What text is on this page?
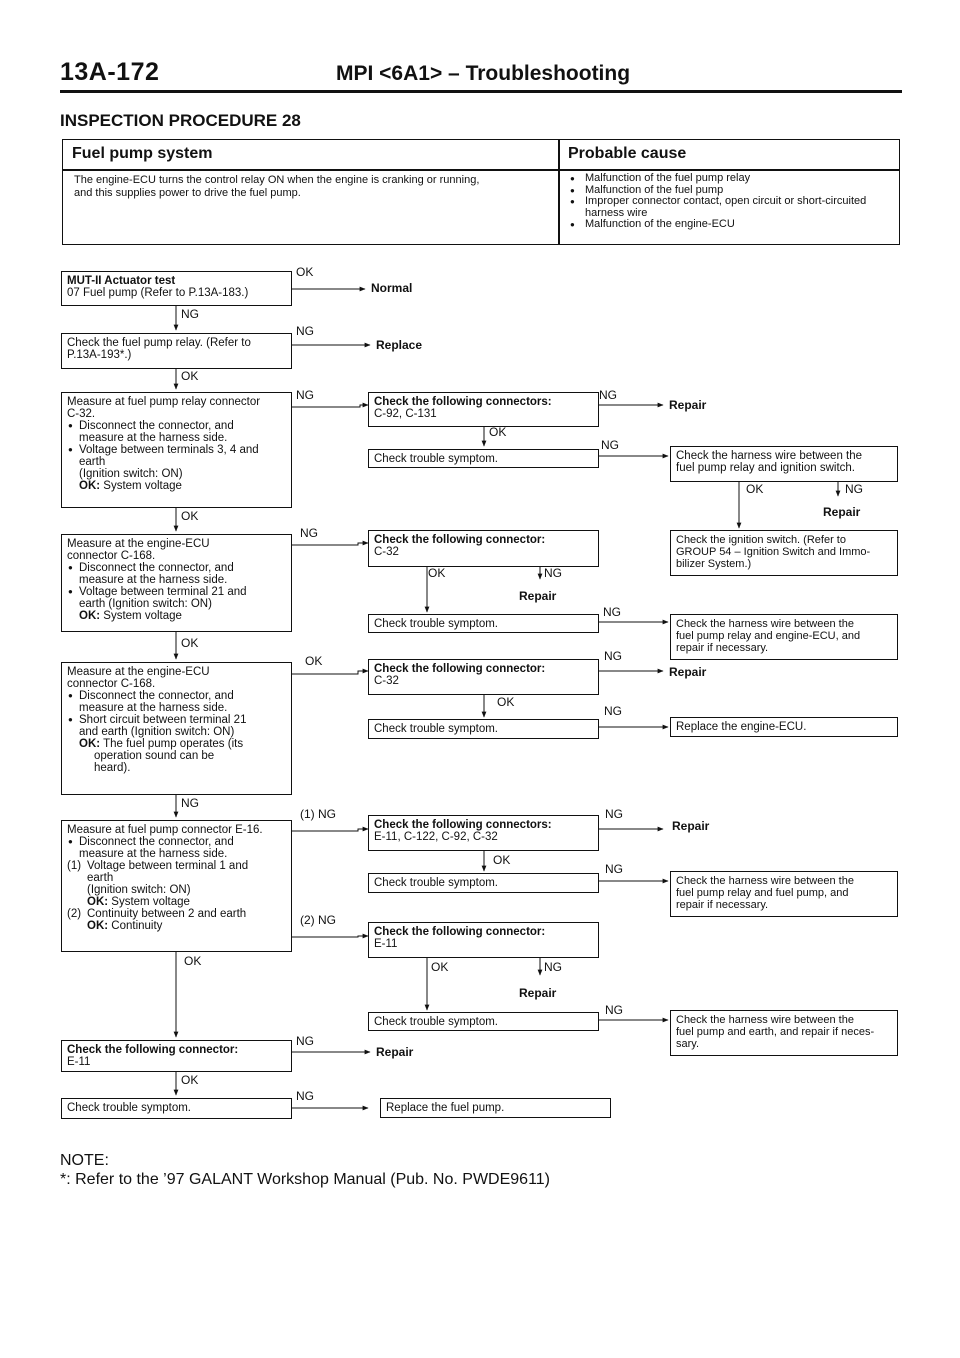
13A-172	MPI <6A1> – Troubleshooting
INSPECTION PROCEDURE 28
Fuel pump system	Probable cause
The engine-ECU turns the control relay ON when the engine is cranking or running,
and this supplies power to drive the fuel pump.
● Malfunction of the fuel pump relay
● Malfunction of the fuel pump
● Improper connector contact, open circuit or short-circuited harness wire
● Malfunction of the engine-ECU
MUT-II Actuator test
07 Fuel pump (Refer to P.13A-183.)
Check the fuel pump relay. (Refer to
P.13A-193*.)
Measure at fuel pump relay connector
C-32.
● Disconnect the connector, and
measure at the harness side.
● Voltage between terminals 3, 4 and
earth
(Ignition switch: ON)
OK: System voltage
Measure at the engine-ECU
connector C-168.
● Disconnect the connector, and
measure at the harness side.
● Voltage between terminal 21 and
earth (Ignition switch: ON)
OK: System voltage
Measure at the engine-ECU
connector C-168.
● Disconnect the connector, and
measure at the harness side.
● Short circuit between terminal 21
and earth (Ignition switch: ON)
OK: The fuel pump operates (its
operation sound can be
heard).
Measure at fuel pump connector E-16.
● Disconnect the connector, and
measure at the harness side.
(1) Voltage between terminal 1 and
earth
(Ignition switch: ON)
OK: System voltage
(2) Continuity between 2 and earth
OK: Continuity
Check the following connector:
E-11
Check trouble symptom.
Check the following connectors:
C-92, C-131
Check trouble symptom.
Check the following connector:
C-32
Check trouble symptom.
Check the following connector:
C-32
Check trouble symptom.
Check the following connectors:
E-11, C-122, C-92, C-32
Check trouble symptom.
Check the following connector:
E-11
Check trouble symptom.
Replace the fuel pump.
Check the harness wire between the
fuel pump relay and ignition switch.
Check the ignition switch. (Refer to
GROUP 54 – Ignition Switch and Immo-
bilizer System.)
Check the harness wire between the
fuel pump relay and engine-ECU, and
repair if necessary.
Replace the engine-ECU.
Check the harness wire between the
fuel pump relay and fuel pump, and
repair if necessary.
Check the harness wire between the
fuel pump and earth, and repair if neces-
sary.
Normal
Replace
Repair
Repair
Repair
Repair
Repair
Repair
Repair
OK
NG
NG
OK
NG	NG
OK
NG
OK	NG
OK
NG
OK	NG
NG
OK
OK	NG
OK
NG
NG
(1) NG	NG
OK
NG
(2) NG
OK	OK	NG
NG
NG
OK
NG
NOTE:
*: Refer to the ’97 GALANT Workshop Manual (Pub. No. PWDE9611)
